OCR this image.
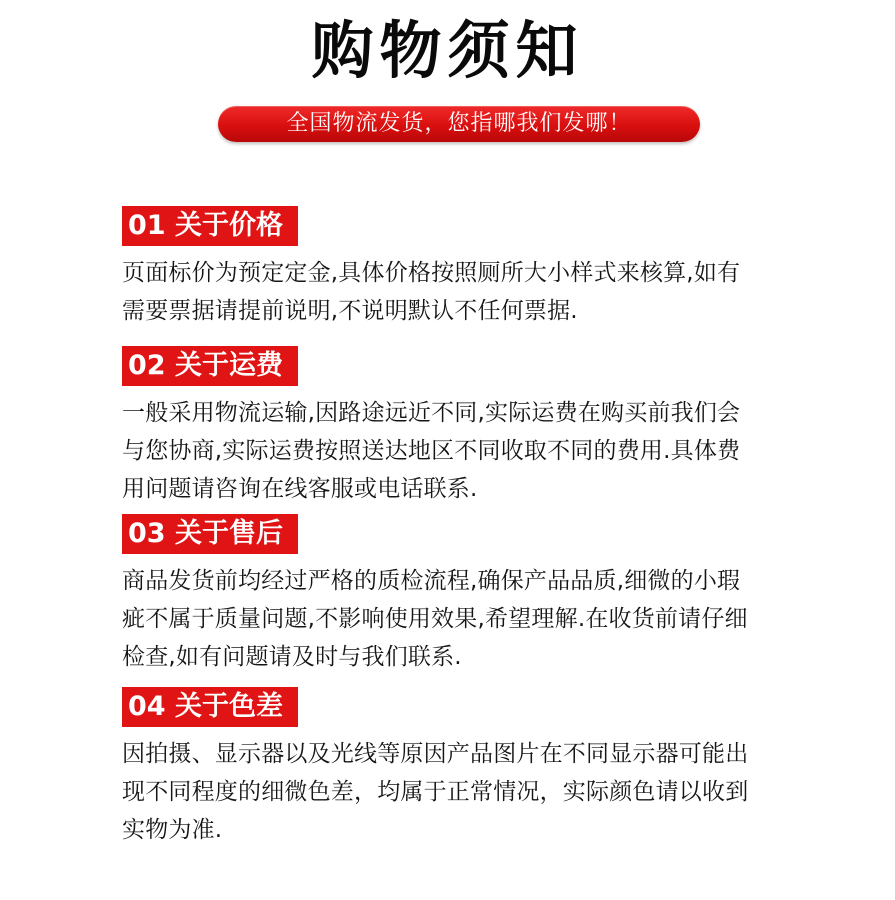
购物须知
全国物流发货，您指哪我们发哪！
01 关于价格
页面标价为预定定金,具体价格按照厕所大小样式来核算,如有
需要票据请提前说明,不说明默认不任何票据.
02 关于运费
一般采用物流运输,因路途远近不同,实际运费在购买前我们会
与您协商,实际运费按照送达地区不同收取不同的费用.具体费
用问题请咨询在线客服或电话联系.
03 关于售后
商品发货前均经过严格的质检流程,确保产品品质,细微的小瑕
疵不属于质量问题,不影响使用效果,希望理解.在收货前请仔细
检查,如有问题请及时与我们联系.
04 关于色差
因拍摄、显示器以及光线等原因产品图片在不同显示器可能出
现不同程度的细微色差，均属于正常情况，实际颜色请以收到
实物为准.
